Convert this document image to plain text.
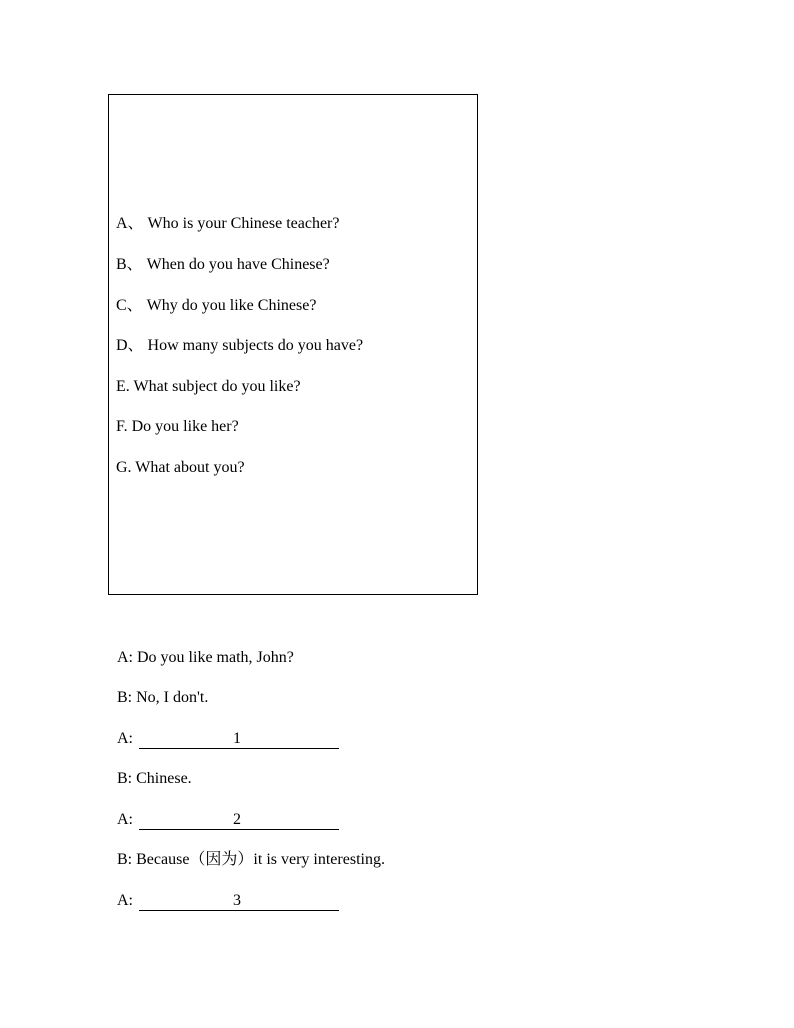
A、 Who is your Chinese teacher?
B、 When do you have Chinese?
C、 Why do you like Chinese?
D、 How many subjects do you have?
E. What subject do you like?
F. Do you like her?
G. What about you?
A: Do you like math, John?
B: No, I don't.
A:	1
B: Chinese.
A:	2
B: Because（因为）it is very interesting.
A:	3
